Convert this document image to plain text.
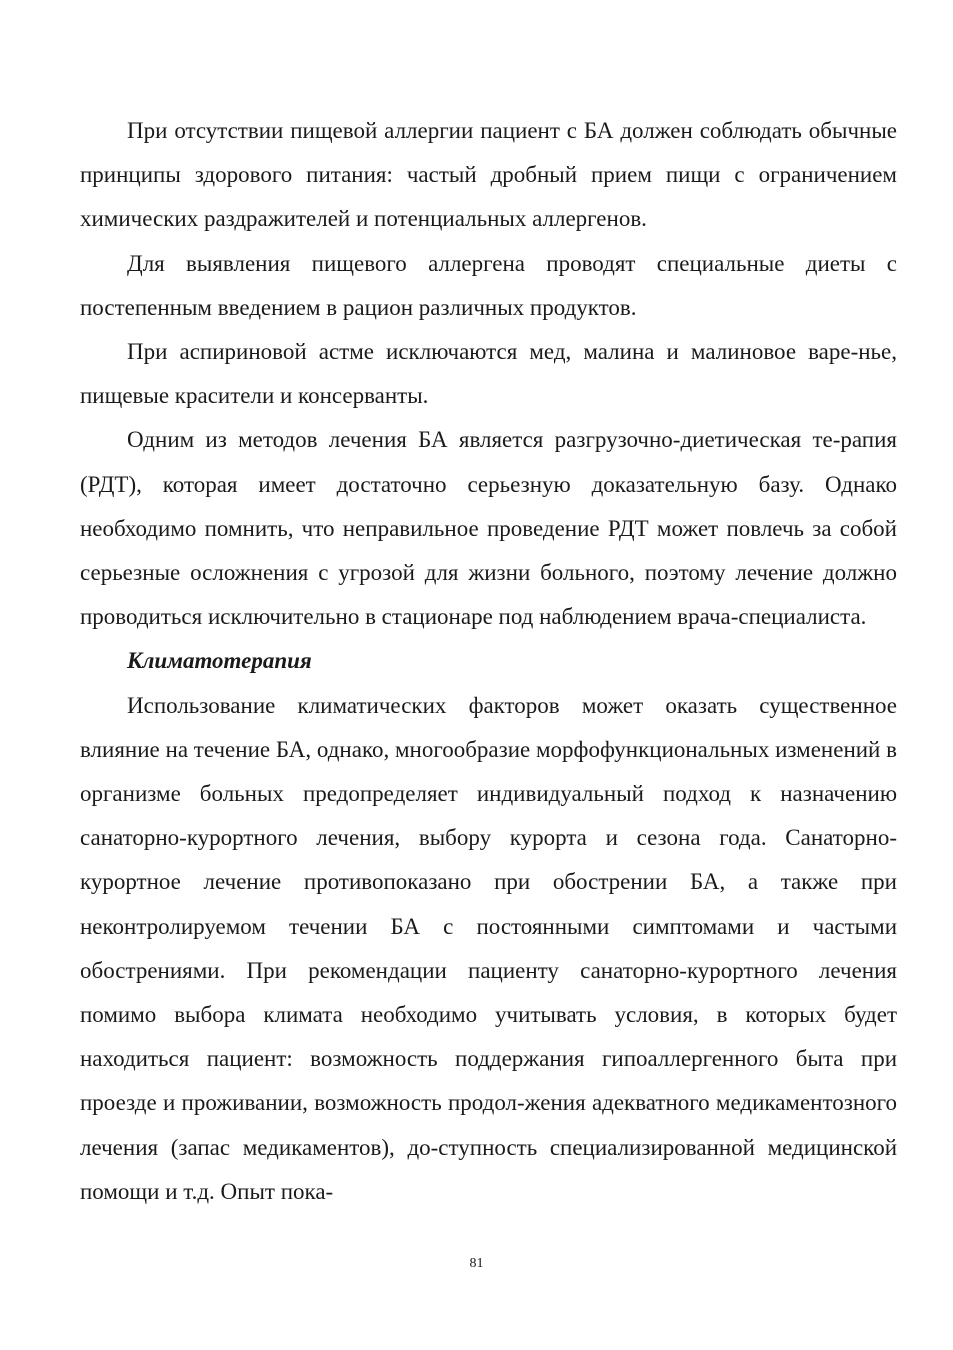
При отсутствии пищевой аллергии пациент с БА должен соблюдать обычные принципы здорового питания: частый дробный прием пищи с ограничением химических раздражителей и потенциальных аллергенов.

Для выявления пищевого аллергена проводят специальные диеты с постепенным введением в рацион различных продуктов.

При аспириновой астме исключаются мед, малина и малиновое варе-нье, пищевые красители и консерванты.

Одним из методов лечения БА является разгрузочно-диетическая те-рапия (РДТ), которая имеет достаточно серьезную доказательную базу. Однако необходимо помнить, что неправильное проведение РДТ может повлечь за собой серьезные осложнения с угрозой для жизни больного, поэтому лечение должно проводиться исключительно в стационаре под наблюдением врача-специалиста.

Климатотерапия

Использование климатических факторов может оказать существенное влияние на течение БА, однако, многообразие морфофункциональных изменений в организме больных предопределяет индивидуальный подход к назначению санаторно-курортного лечения, выбору курорта и сезона года. Санаторно-курортное лечение противопоказано при обострении БА, а также при неконтролируемом течении БА с постоянными симптомами и частыми обострениями. При рекомендации пациенту санаторно-курортного лечения помимо выбора климата необходимо учитывать условия, в которых будет находиться пациент: возможность поддержания гипоаллергенного быта при проезде и проживании, возможность продол-жения адекватного медикаментозного лечения (запас медикаментов), до-ступность специализированной медицинской помощи и т.д. Опыт пока-

81
